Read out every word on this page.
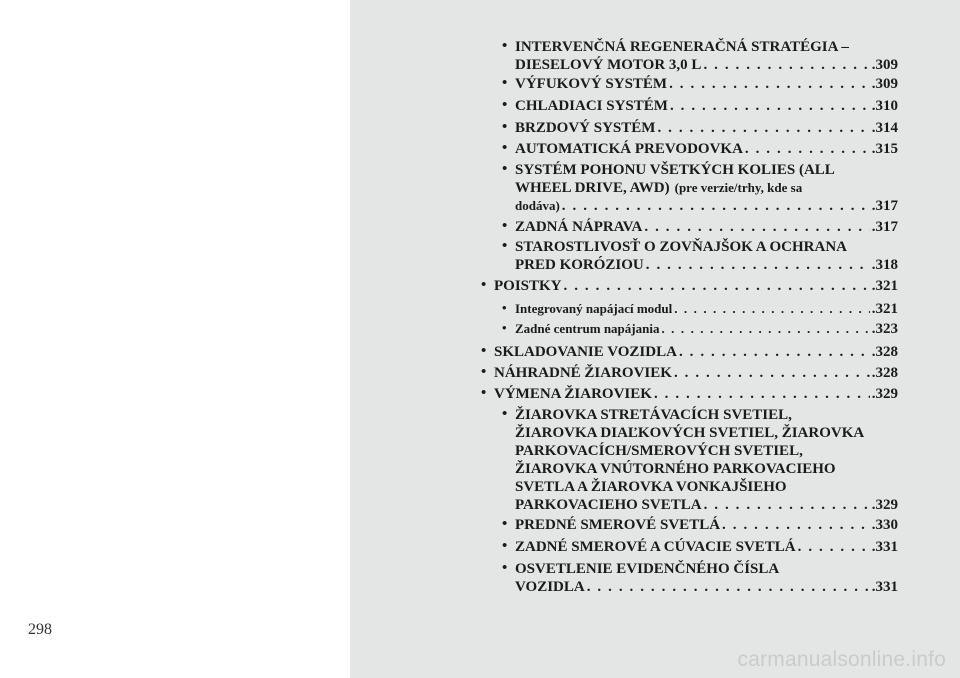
298
carmanualsonline.info
• INTERVENČNÁ REGENERAČNÁ STRATÉGIA –
DIESELOVÝ MOTOR 3,0 L . . .	.309
• VÝFUKOVÝ SYSTÉM . . .	.309
• CHLADIACI SYSTÉM . . .	.310
• BRZDOVÝ SYSTÉM . . .	.314
• AUTOMATICKÁ PREVODOVKA . . .	.315
• SYSTÉM POHONU VŠETKÝCH KOLIES (ALL
WHEEL DRIVE, AWD) (pre verzie/trhy, kde sa
dodáva) . . .	.317
• ZADNÁ NÁPRAVA . . .	.317
• STAROSTLIVOSŤ O ZOVŇAJŠOK A OCHRANA
PRED KORÓZIOU . . .	.318
• POISTKY . . .	.321
• Integrovaný napájací modul . . .	.321
• Zadné centrum napájania . . .	.323
• SKLADOVANIE VOZIDLA . . .	.328
• NÁHRADNÉ ŽIAROVIEK . . .	.328
• VÝMENA ŽIAROVIEK . . .	.329
• ŽIAROVKA STRETÁVACÍCH SVETIEL,
ŽIAROVKA DIAĽKOVÝCH SVETIEL, ŽIAROVKA
PARKOVACÍCH/SMEROVÝCH SVETIEL,
ŽIAROVKA VNÚTORNÉHO PARKOVACIEHO
SVETLA A ŽIAROVKA VONKAJŠIEHO
PARKOVACIEHO SVETLA . . .	.329
• PREDNÉ SMEROVÉ SVETLÁ . . .	.330
• ZADNÉ SMEROVÉ A CÚVACIE SVETLÁ . . .	.331
• OSVETLENIE EVIDENČNÉHO ČÍSLA
VOZIDLA . . .	.331
